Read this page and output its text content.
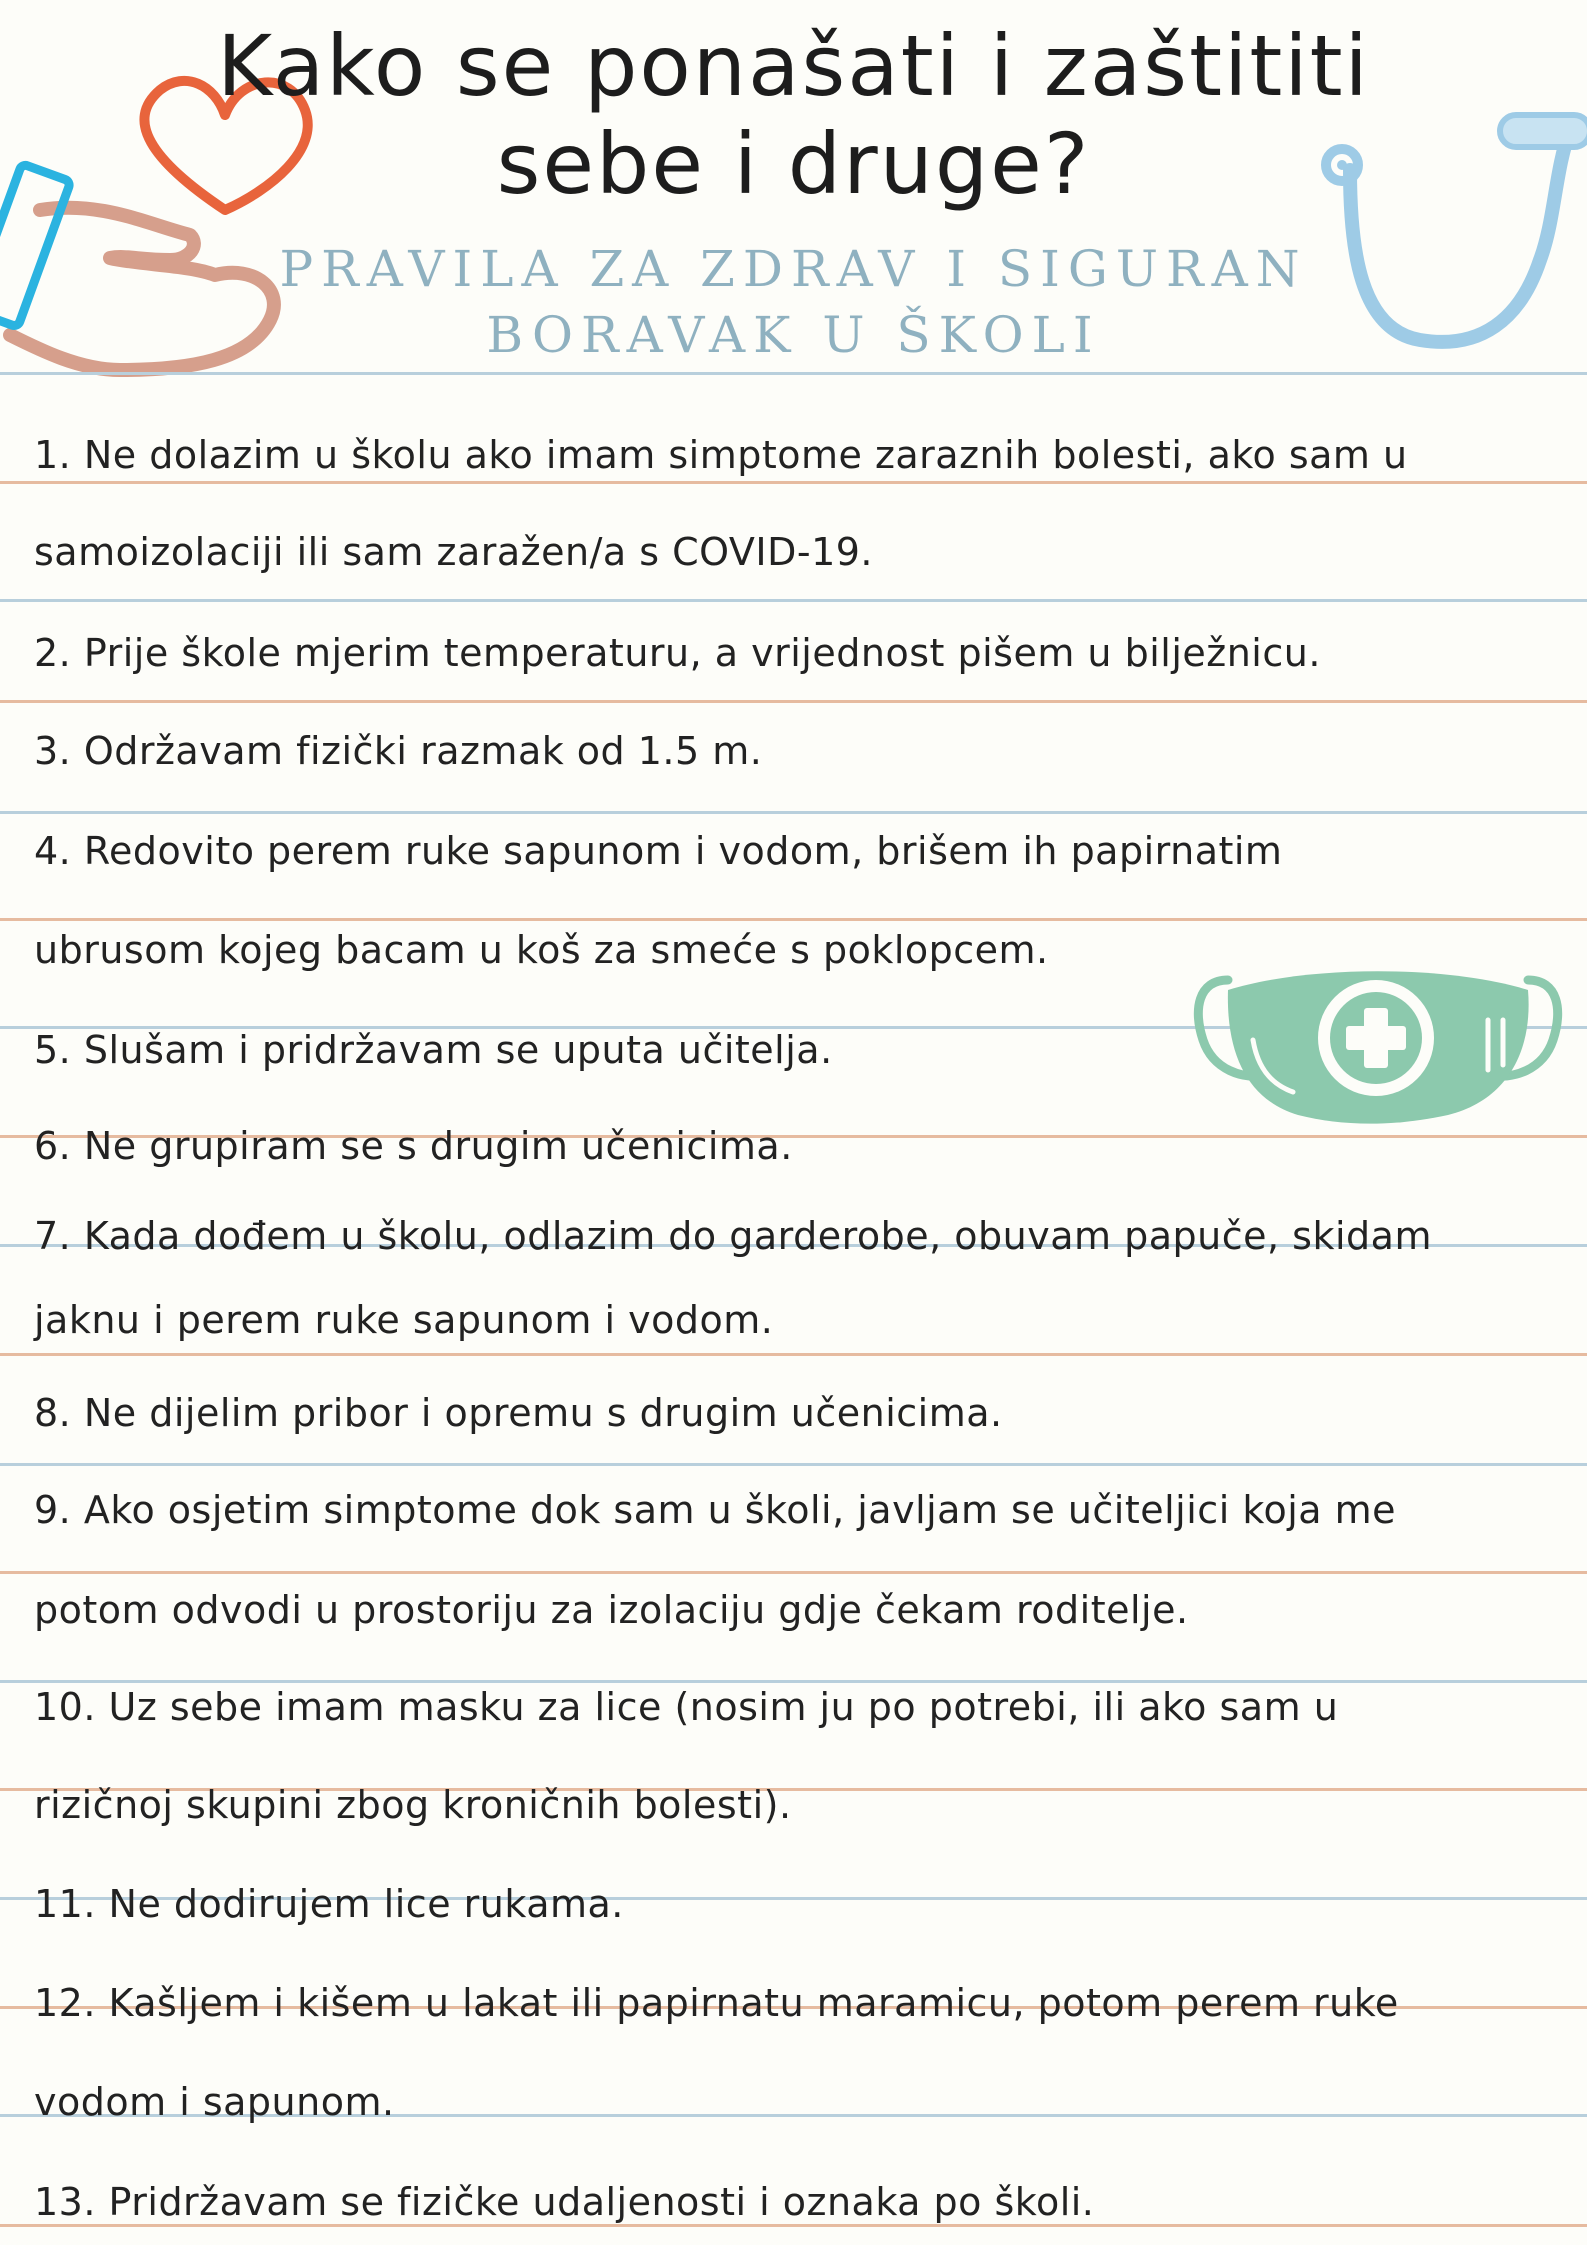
Kako se ponašati i zaštititi
sebe i druge?
PRAVILA ZA ZDRAV I SIGURAN
BORAVAK U ŠKOLI
1. Ne dolazim u školu ako imam simptome zaraznih bolesti, ako sam u
samoizolaciji ili sam zaražen/a s COVID-19.
2. Prije škole mjerim temperaturu, a vrijednost pišem u bilježnicu.
3. Održavam fizički razmak od 1.5 m.
4. Redovito perem ruke sapunom i vodom, brišem ih papirnatim
ubrusom kojeg bacam u koš za smeće s poklopcem.
5. Slušam i pridržavam se uputa učitelja.
6. Ne grupiram se s drugim učenicima.
7. Kada dođem u školu, odlazim do garderobe, obuvam papuče, skidam
jaknu i perem ruke sapunom i vodom.
8. Ne dijelim pribor i opremu s drugim učenicima.
9. Ako osjetim simptome dok sam u školi, javljam se učiteljici koja me
potom odvodi u prostoriju za izolaciju gdje čekam roditelje.
10. Uz sebe imam masku za lice (nosim ju po potrebi, ili ako sam u
rizičnoj skupini zbog kroničnih bolesti).
11. Ne dodirujem lice rukama.
12. Kašljem i kišem u lakat ili papirnatu maramicu, potom perem ruke
vodom i sapunom.
13. Pridržavam se fizičke udaljenosti i oznaka po školi.
